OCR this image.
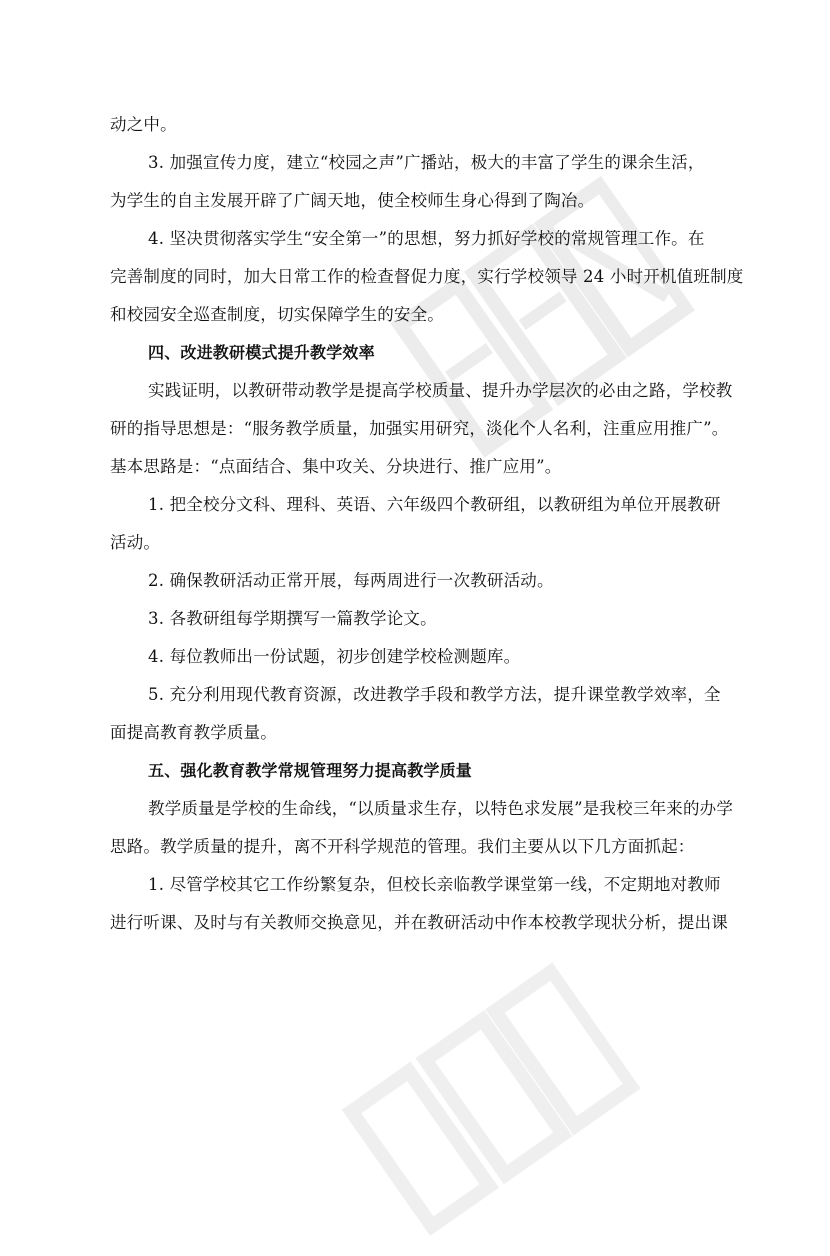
动之中。
3. 加强宣传力度，建立“校园之声”广播站，极大的丰富了学生的课余生活，
为学生的自主发展开辟了广阔天地，使全校师生身心得到了陶冶。
4. 坚决贯彻落实学生“安全第一”的思想，努力抓好学校的常规管理工作。在
完善制度的同时，加大日常工作的检查督促力度，实行学校领导 24 小时开机值班制度
和校园安全巡查制度，切实保障学生的安全。
四、改进教研模式提升教学效率
实践证明，以教研带动教学是提高学校质量、提升办学层次的必由之路，学校教
研的指导思想是：“服务教学质量，加强实用研究，淡化个人名利，注重应用推广”。
基本思路是：“点面结合、集中攻关、分块进行、推广应用”。
1. 把全校分文科、理科、英语、六年级四个教研组，以教研组为单位开展教研
活动。
2. 确保教研活动正常开展，每两周进行一次教研活动。
3. 各教研组每学期撰写一篇教学论文。
4. 每位教师出一份试题，初步创建学校检测题库。
5. 充分利用现代教育资源，改进教学手段和教学方法，提升课堂教学效率，全
面提高教育教学质量。
五、强化教育教学常规管理努力提高教学质量
教学质量是学校的生命线，“以质量求生存，以特色求发展”是我校三年来的办学
思路。教学质量的提升，离不开科学规范的管理。我们主要从以下几方面抓起：
1. 尽管学校其它工作纷繁复杂，但校长亲临教学课堂第一线，不定期地对教师
进行听课、及时与有关教师交换意见，并在教研活动中作本校教学现状分析，提出课
